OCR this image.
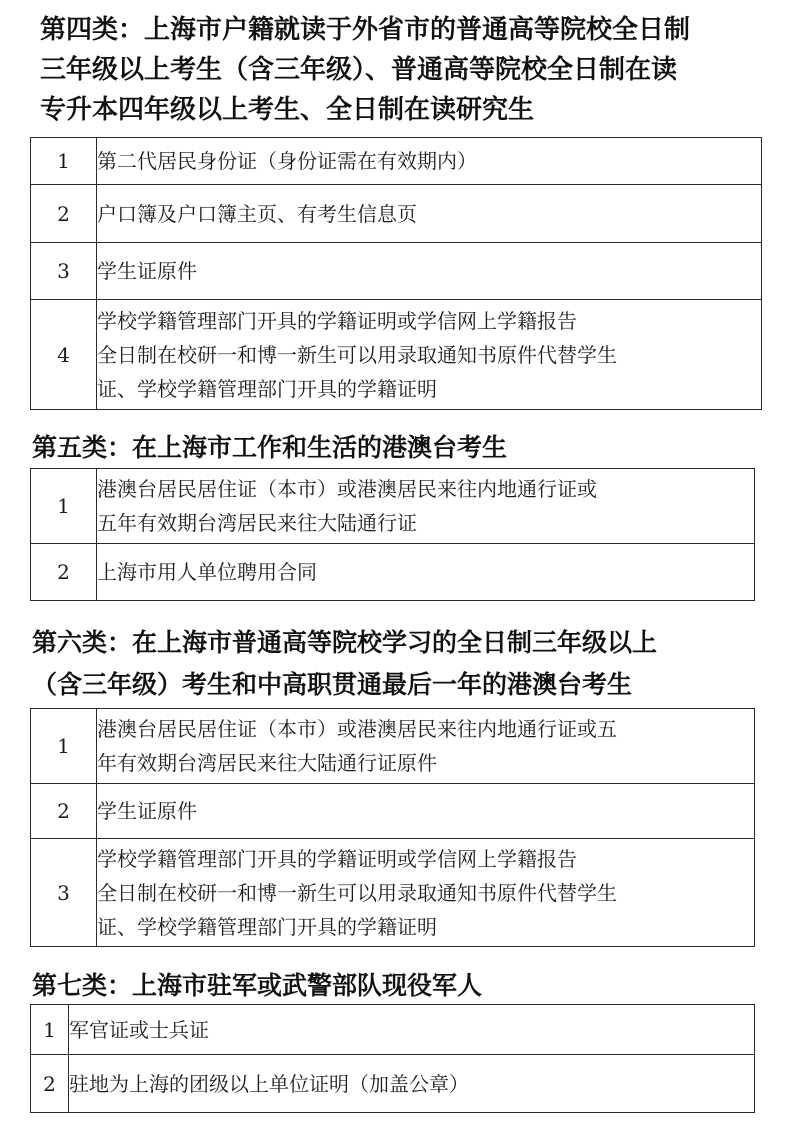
第四类：上海市户籍就读于外省市的普通高等院校全日制
三年级以上考生（含三年级）、普通高等院校全日制在读
专升本四年级以上考生、全日制在读研究生
1	第二代居民身份证（身份证需在有效期内）

2	户口簿及户口簿主页、有考生信息页

3	学生证原件

4	学校学籍管理部门开具的学籍证明或学信网上学籍报告
全日制在校研一和博一新生可以用录取通知书原件代替学生
证、学校学籍管理部门开具的学籍证明
第五类：在上海市工作和生活的港澳台考生
1	港澳台居民居住证（本市）或港澳居民来往内地通行证或
五年有效期台湾居民来往大陆通行证

2	上海市用人单位聘用合同
第六类：在上海市普通高等院校学习的全日制三年级以上
（含三年级）考生和中高职贯通最后一年的港澳台考生
1	港澳台居民居住证（本市）或港澳居民来往内地通行证或五
年有效期台湾居民来往大陆通行证原件

2	学生证原件

3	学校学籍管理部门开具的学籍证明或学信网上学籍报告
全日制在校研一和博一新生可以用录取通知书原件代替学生
证、学校学籍管理部门开具的学籍证明
第七类：上海市驻军或武警部队现役军人
1	军官证或士兵证

2	驻地为上海的团级以上单位证明（加盖公章）
